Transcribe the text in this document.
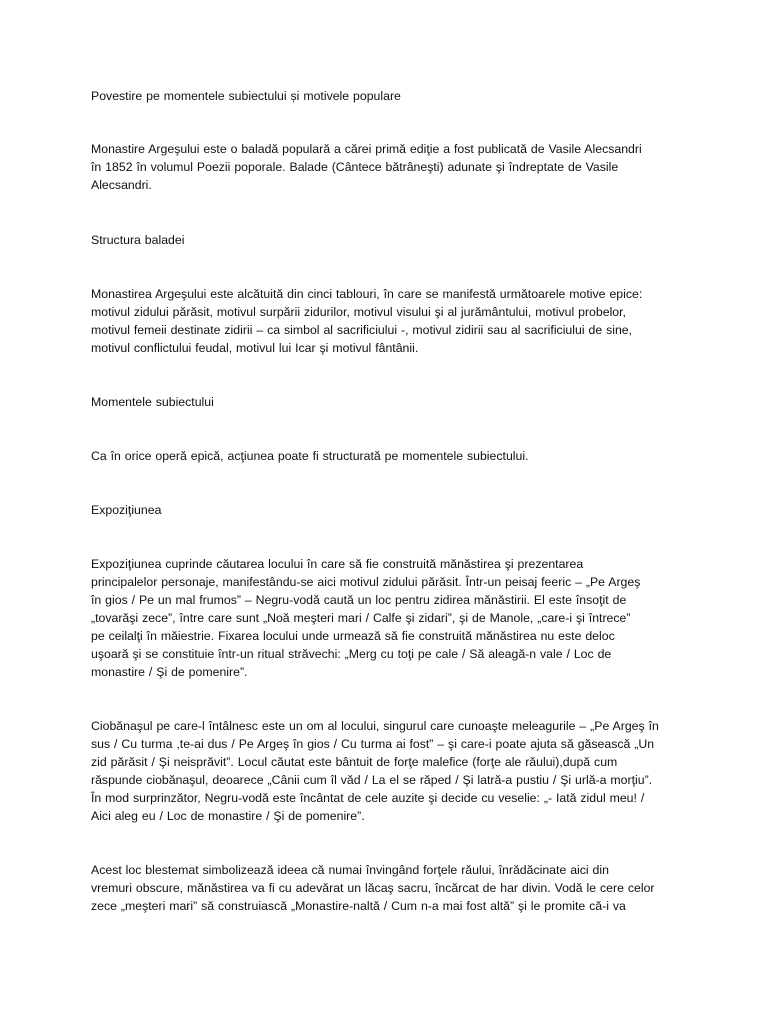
Povestire pe momentele subiectului și motivele populare

Monastire Argeşului este o baladă populară a cărei primă ediţie a fost publicată de Vasile Alecsandri
în 1852 în volumul Poezii poporale. Balade (Cântece bătrâneşti) adunate şi îndreptate de Vasile
Alecsandri.

Structura baladei

Monastirea Argeşului este alcătuită din cinci tablouri, în care se manifestă următoarele motive epice:
motivul zidului părăsit, motivul surpării zidurilor, motivul visului şi al jurământului, motivul probelor,
motivul femeii destinate zidirii – ca simbol al sacrificiului -, motivul zidirii sau al sacrificiului de sine,
motivul conflictului feudal, motivul lui Icar şi motivul fântânii.

Momentele subiectului

Ca în orice operă epică, acţiunea poate fi structurată pe momentele subiectului.

Expoziţiunea

Expoziţiunea cuprinde căutarea locului în care să fie construită mănăstirea şi prezentarea
principalelor personaje, manifestându-se aici motivul zidului părăsit. Într-un peisaj feeric – „Pe Argeş
în gios / Pe un mal frumos” – Negru-vodă caută un loc pentru zidirea mănăstirii. El este însoţit de
„tovarăşi zece”, între care sunt „Noă meşteri mari / Calfe şi zidari”, şi de Manole, „care-i şi întrece”
pe ceilalţi în măiestrie. Fixarea locului unde urmează să fie construită mănăstirea nu este deloc
uşoară şi se constituie într-un ritual străvechi: „Merg cu toţi pe cale / Să aleagă-n vale / Loc de
monastire / Şi de pomenire”.

Ciobănaşul pe care-l întâlnesc este un om al locului, singurul care cunoaşte meleagurile – „Pe Argeş în
sus / Cu turma ,te-ai dus / Pe Argeş în gios / Cu turma ai fost” – şi care-i poate ajuta să găsească „Un
zid părăsit / Şi neisprăvit”. Locul căutat este bântuit de forţe malefice (forţe ale răului),după cum
răspunde ciobănaşul, deoarece „Cânii cum îl văd / La el se răped / Şi latră-a pustiu / Şi urlă-a morţiu”.
În mod surprinzător, Negru-vodă este încântat de cele auzite şi decide cu veselie: „- Iată zidul meu! /
Aici aleg eu / Loc de monastire / Şi de pomenire”.

Acest loc blestemat simbolizează ideea că numai învingând forţele răului, înrădăcinate aici din
vremuri obscure, mănăstirea va fi cu adevărat un lăcaş sacru, încărcat de har divin. Vodă le cere celor
zece „meşteri mari” să construiască „Monastire-naltă / Cum n-a mai fost altă” şi le promite că-i va
